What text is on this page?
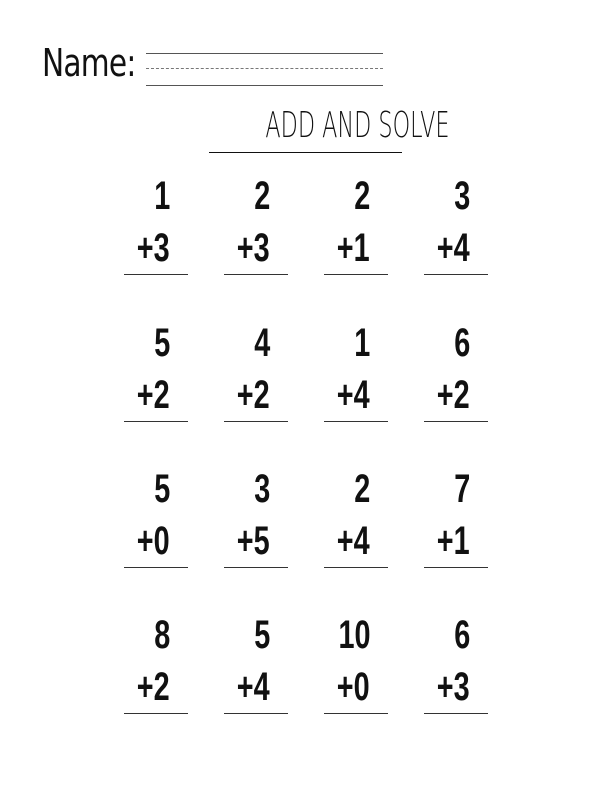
Name:
ADD AND SOLVE
1
+3
2
+3
2
+1
3
+4
5
+2
4
+2
1
+4
6
+2
5
+0
3
+5
2
+4
7
+1
8
+2
5
+4
10
+0
6
+3
